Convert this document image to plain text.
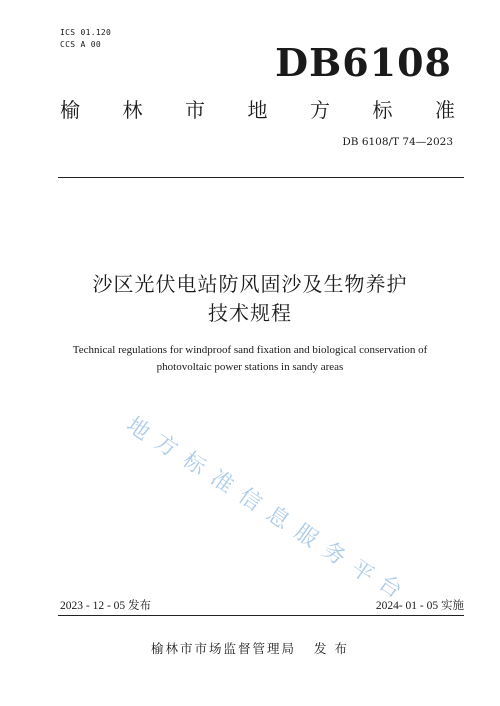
ICS 01.120
CCS A 00	DB6108
榆 林 市 地 方 标 准
DB 6108/T 74—2023
沙区光伏电站防风固沙及生物养护
技术规程
Technical regulations for windproof sand fixation and biological conservation of
photovoltaic power stations in sandy areas
地
方
标
准
信
息
服
务
平
台
2023 - 12 - 05 发布	2024- 01 - 05 实施
榆林市市场监督管理局 发 布
